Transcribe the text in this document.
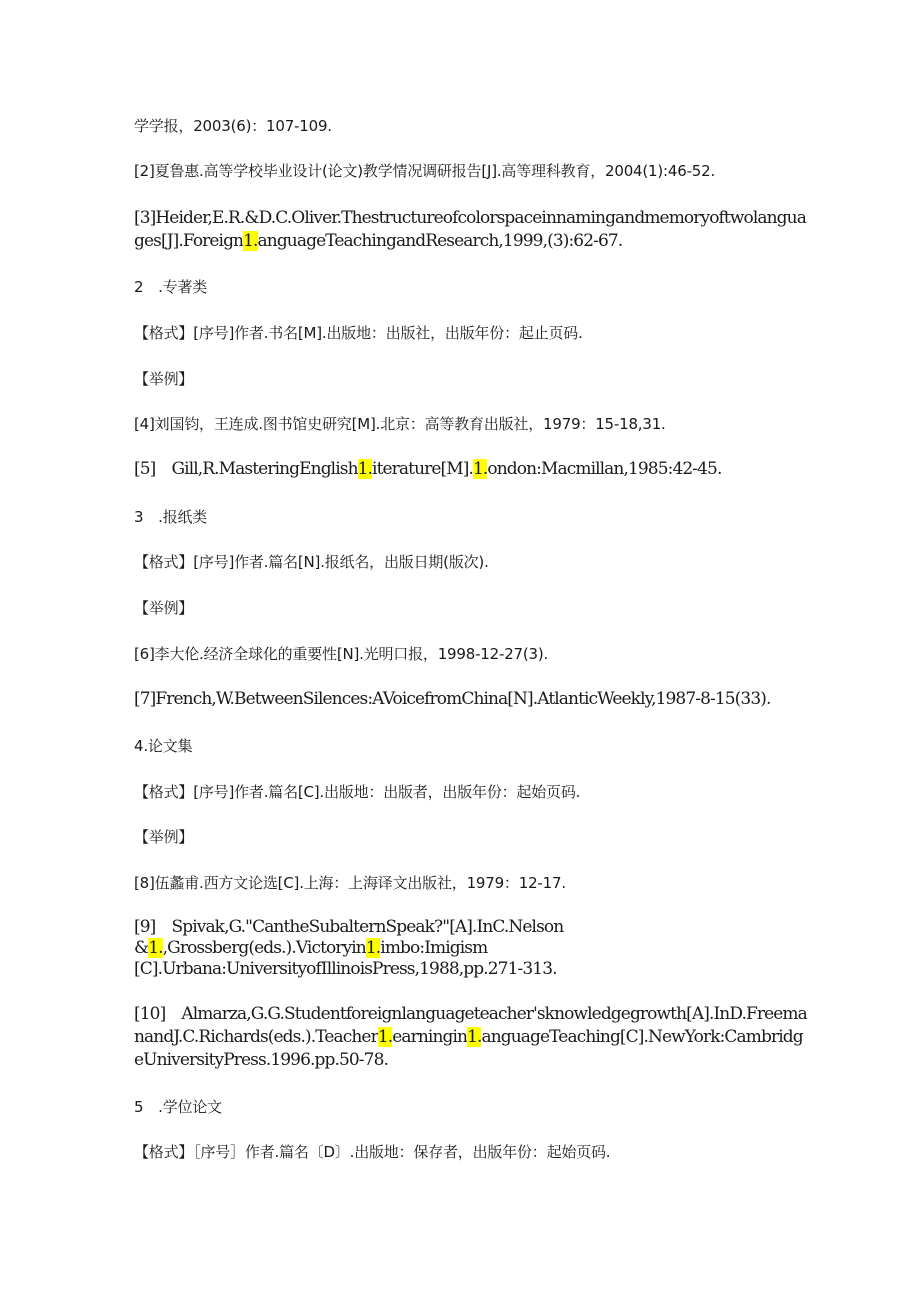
学学报，2003(6)：107-109.
[2]夏鲁惠.高等学校毕业设计(论文)教学情况调研报告[J].高等理科教育，2004(1):46-52.
[3]Heider,E.R.&D.C.Oliver.Thestructureofcolorspaceinnamingandmemoryoftwolangua
ges[J].Foreign1.anguageTeachingandResearch,1999,(3):62-67.
2　.专著类
【格式】[序号]作者.书名[M].出版地：出版社，出版年份：起止页码.
【举例】
[4]刘国钧，王连成.图书馆史研究[M].北京：高等教育出版社，1979：15-18,31.
[5]　Gill,R.MasteringEnglish1.iterature[M].1.ondon:Macmillan,1985:42-45.
3　.报纸类
【格式】[序号]作者.篇名[N].报纸名，出版日期(版次).
【举例】
[6]李大伦.经济全球化的重要性[N].光明口报，1998-12-27(3).
[7]French,W.BetweenSilences:AVoicefromChina[N].AtlanticWeekly,1987-8-15(33).
4.论文集
【格式】[序号]作者.篇名[C].出版地：出版者，出版年份：起始页码.
【举例】
[8]伍蠡甫.西方文论选[C].上海：上海译文出版社，1979：12-17.
[9]　Spivak,G."CantheSubalternSpeak?"[A].InC.Nelson
&1.,Grossberg(eds.).Victoryin1.imbo:Imigism
[C].Urbana:UniversityofIllinoisPress,1988,pp.271-313.
[10]　Almarza,G.G.Studentforeignlanguageteacher'sknowledgegrowth[A].InD.Freema
nandJ.C.Richards(eds.).Teacher1.earningin1.anguageTeaching[C].NewYork:Cambridg
eUniversityPress.1996.pp.50-78.
5　.学位论文
【格式】［序号］作者.篇名〔D〕.出版地：保存者，出版年份：起始页码.
